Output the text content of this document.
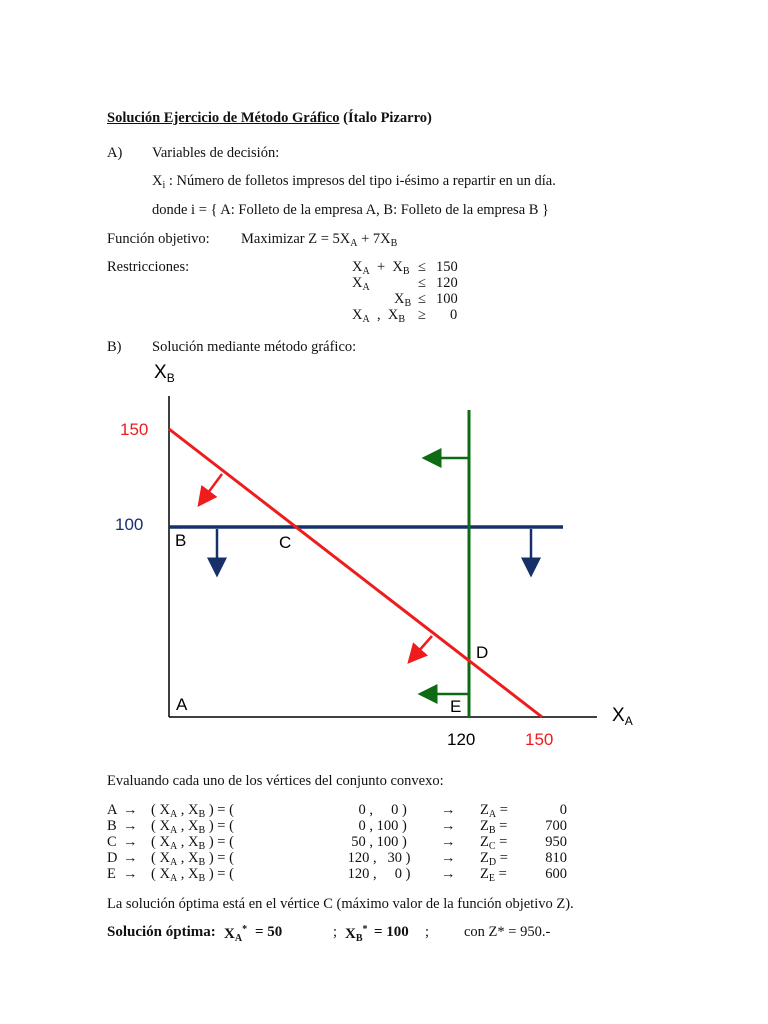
Solución Ejercicio de Método Gráfico (Ítalo Pizarro)
A) Variables de decisión:
$X_i$ : Número de folletos impresos del tipo i-ésimo a repartir en un día.
donde i = { A: Folleto de la empresa A, B: Folleto de la empresa B }
Función objetivo: Maximizar $Z = 5X_A + 7X_B$
Restricciones:	$X_A + X_B \le 150$
$X_A$	≤ 120
$X_B \le 100$
$X_A$  ,  $X_B \ge 0$
B) Solución mediante método gráfico:
$X_B$
$X_A$
150
100
120	150
A
B	C
D
E
Evaluando cada uno de los vértices del conjunto convexo:
A → ( $X_A$ , $X_B$ ) = (	0 ,     0 ) → $Z_A$ =	0
B → ( $X_A$ , $X_B$ ) = (	0 , 100 ) → $Z_B$ =	700
C → ( $X_A$ , $X_B$ ) = (	50 , 100 ) → $Z_C$ =	950
D → ( $X_A$ , $X_B$ ) = (	120 ,   30 ) → $Z_D$ =	810
E → ( $X_A$ , $X_B$ ) = (	120 ,     0 ) → $Z_E$ =	600
La solución óptima está en el vértice C (máximo valor de la función objetivo Z).
Solución óptima: $X_A^* = 50$	; $X_B^* = 100$ ; con Z* = 950.-
